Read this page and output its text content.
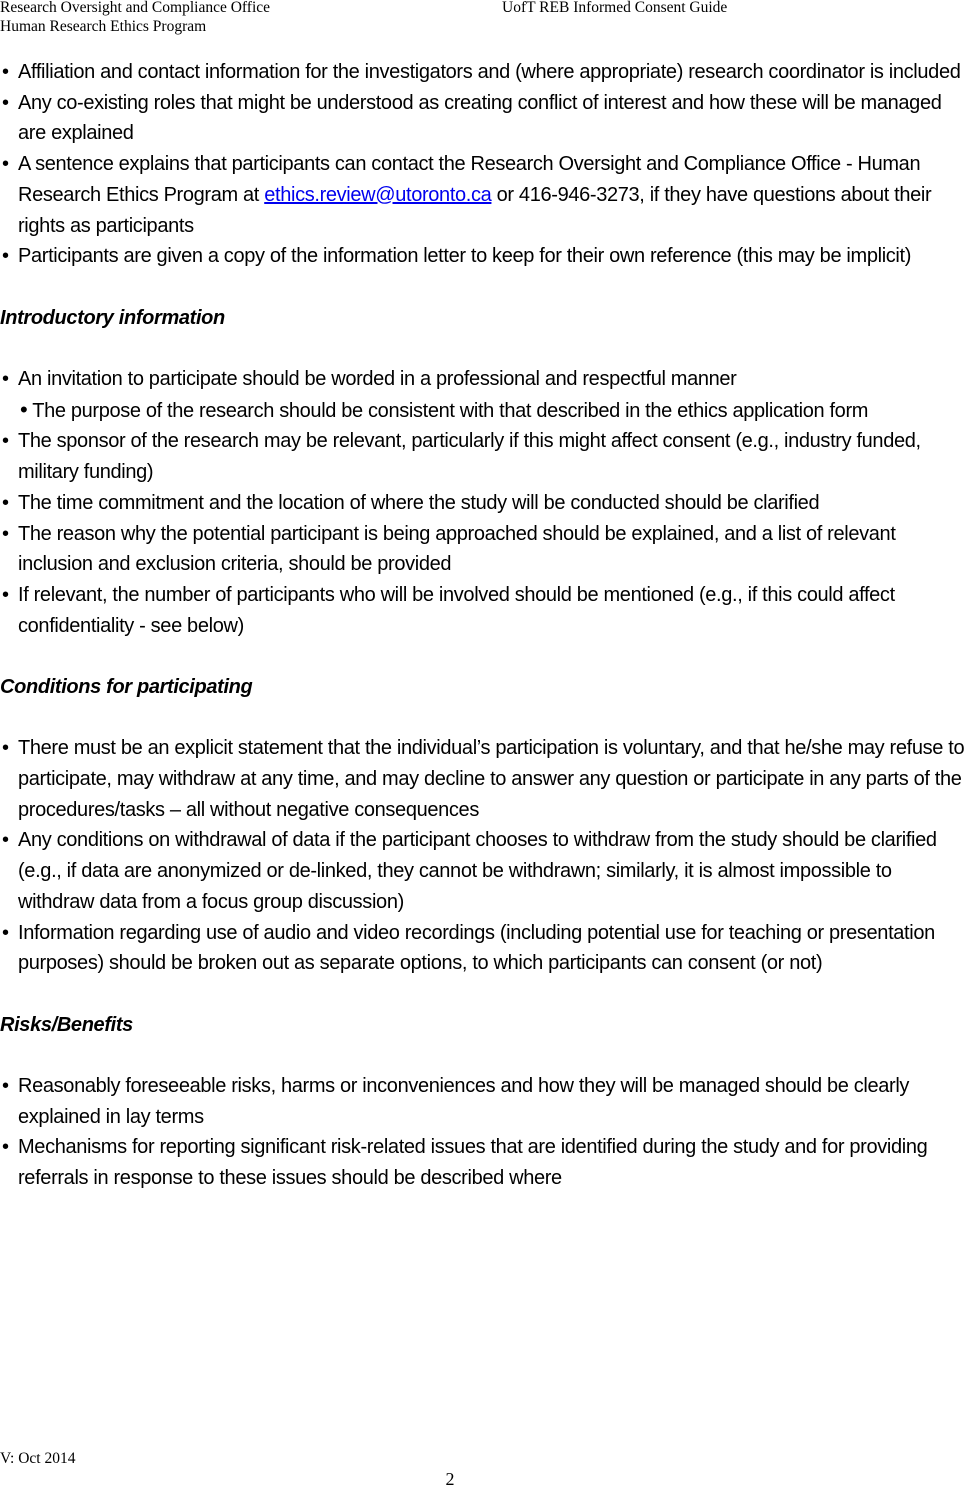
Research Oversight and Compliance Office
Human Research Ethics Program
UofT REB Informed Consent Guide
• Affiliation and contact information for the investigators and (where appropriate) research coordinator is included
• Any co-existing roles that might be understood as creating conflict of interest and how these will be managed are explained
• A sentence explains that participants can contact the Research Oversight and Compliance Office - Human Research Ethics Program at ethics.review@utoronto.ca or 416-946-3273, if they have questions about their rights as participants
• Participants are given a copy of the information letter to keep for their own reference (this may be implicit)
Introductory information
• An invitation to participate should be worded in a professional and respectful manner
• The purpose of the research should be consistent with that described in the ethics application form
• The sponsor of the research may be relevant, particularly if this might affect consent (e.g., industry funded, military funding)
• The time commitment and the location of where the study will be conducted should be clarified
• The reason why the potential participant is being approached should be explained, and a list of relevant inclusion and exclusion criteria, should be provided
• If relevant, the number of participants who will be involved should be mentioned (e.g., if this could affect confidentiality - see below)
Conditions for participating
• There must be an explicit statement that the individual’s participation is voluntary, and that he/she may refuse to participate, may withdraw at any time, and may decline to answer any question or participate in any parts of the procedures/tasks – all without negative consequences
• Any conditions on withdrawal of data if the participant chooses to withdraw from the study should be clarified (e.g., if data are anonymized or de-linked, they cannot be withdrawn; similarly, it is almost impossible to withdraw data from a focus group discussion)
• Information regarding use of audio and video recordings (including potential use for teaching or presentation purposes) should be broken out as separate options, to which participants can consent (or not)
Risks/Benefits
• Reasonably foreseeable risks, harms or inconveniences and how they will be managed should be clearly explained in lay terms
• Mechanisms for reporting significant risk-related issues that are identified during the study and for providing referrals in response to these issues should be described where
V: Oct 2014
2
